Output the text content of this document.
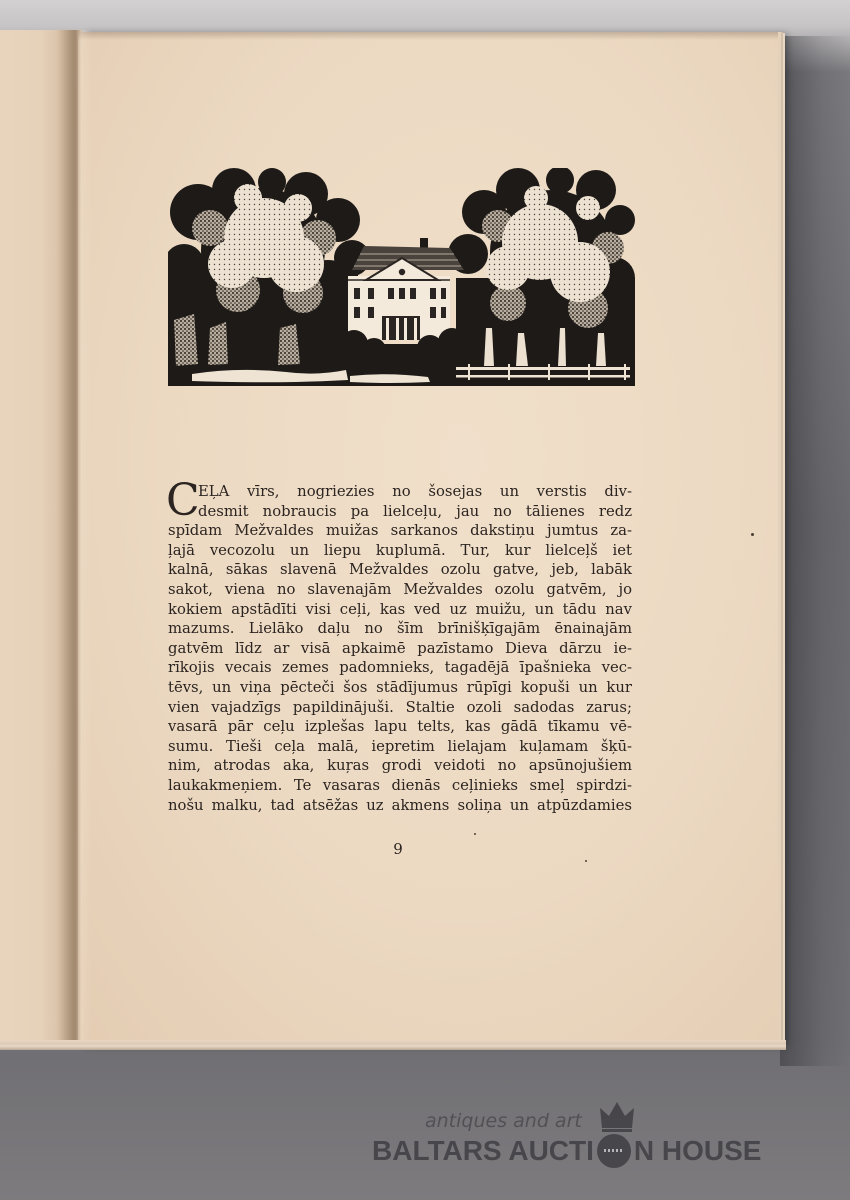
C
EĻA vīrs, nogriezies no šosejas un verstis div-
desmit nobraucis pa lielceļu, jau no tālienes redz
spīdam Mežvaldes muižas sarkanos dakstiņu jumtus za-
ļajā vecozolu un liepu kuplumā. Tur, kur lielceļš iet
kalnā, sākas slavenā Mežvaldes ozolu gatve, jeb, labāk
sakot, viena no slavenajām Mežvaldes ozolu gatvēm, jo
kokiem apstādīti visi ceļi, kas ved uz muižu, un tādu nav
mazums. Lielāko daļu no šīm brīnišķīgajām ēnainajām
gatvēm līdz ar visā apkaimē pazīstamo Dieva dārzu ie-
rīkojis vecais zemes padomnieks, tagadējā īpašnieka vec-
tēvs, un viņa pēcteči šos stādījumus rūpīgi kopuši un kur
vien vajadzīgs papildinājuši. Staltie ozoli sadodas zarus;
vasarā pār ceļu izplešas lapu telts, kas gādā tīkamu vē-
sumu. Tieši ceļa malā, iepretim lielajam kuļamam šķū-
nim, atrodas aka, kuŗas grodi veidoti no apsūnojušiem
laukakmeņiem. Te vasaras dienās ceļinieks smeļ spirdzi-
nošu malku, tad atsēžas uz akmens soliņa un atpūzdamies
9
antiques and art
BALTARS AUCTI N HOUSE
